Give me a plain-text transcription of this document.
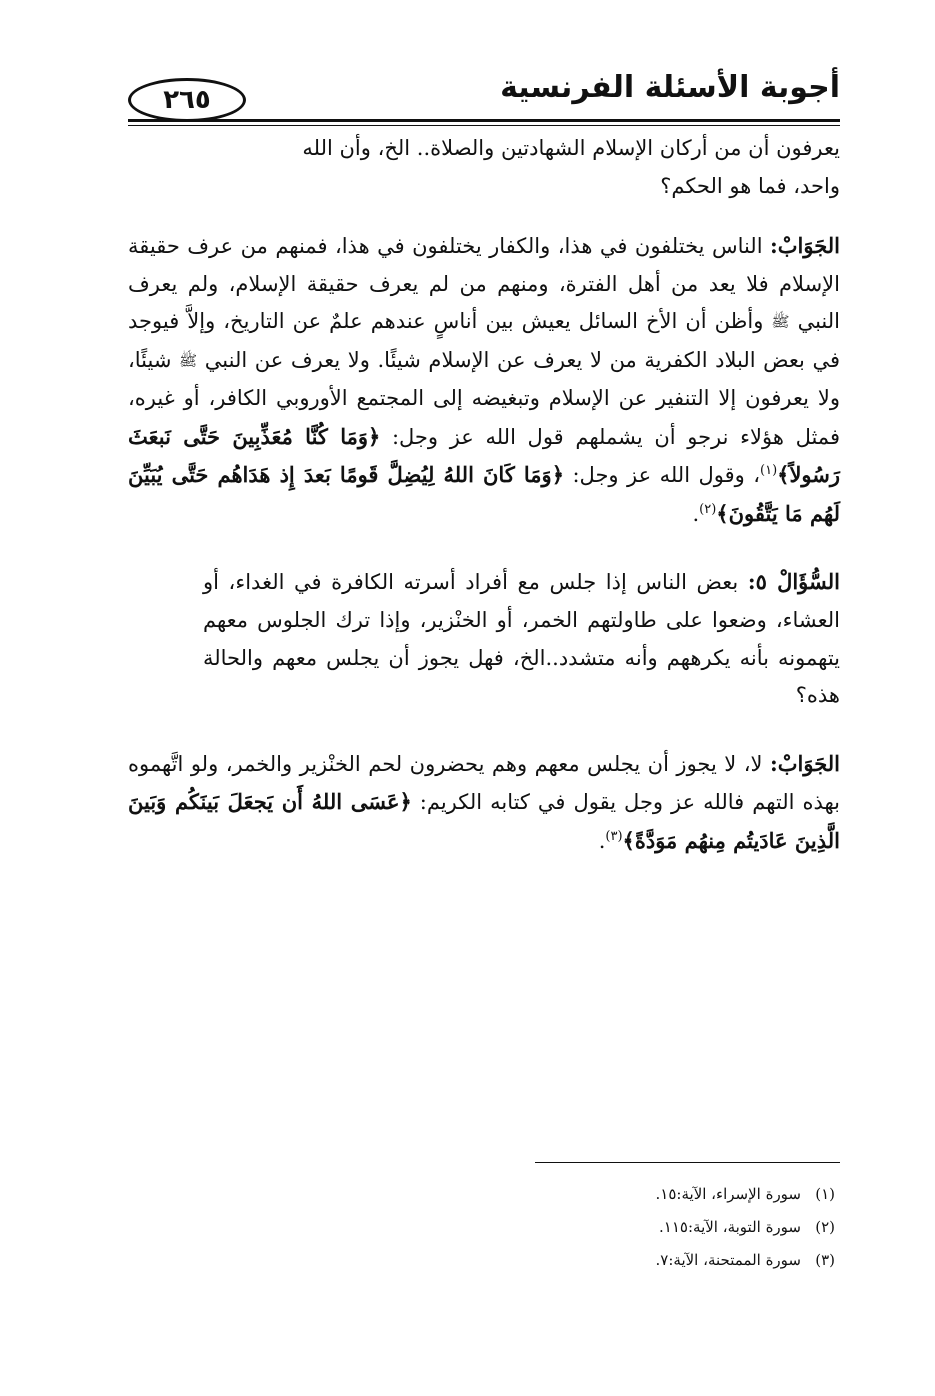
أجوبة الأسئلة الفرنسية
٢٦٥

يعرفون أن من أركان الإسلام الشهادتين والصلاة.. الخ، وأن الله

واحد، فما هو الحكم؟

الجَوَابْ: الناس يختلفون في هذا، والكفار يختلفون في هذا، فمنهم من عرف حقيقة الإسلام فلا يعد من أهل الفترة، ومنهم من لم يعرف حقيقة الإسلام، ولم يعرف النبي ﷺ وأظن أن الأخ السائل يعيش بين أناسٍ عندهم علمٌ عن التاريخ، وإلاَّ فيوجد في بعض البلاد الكفرية من لا يعرف عن الإسلام شيئًا. ولا يعرف عن النبي ﷺ شيئًا، ولا يعرفون إلا التنفير عن الإسلام وتبغيضه إلى المجتمع الأوروبي الكافر، أو غيره، فمثل هؤلاء نرجو أن يشملهم قول الله عز وجل: ﴿وَمَا كُنَّا مُعَذِّبِينَ حَتَّى نَبعَثَ رَسُولاً﴾$^{(١)}$، وقول الله عز وجل: ﴿وَمَا كَانَ اللهُ لِيُضِلَّ قَومًا بَعدَ إِذ هَدَاهُم حَتَّى يُبَيِّنَ لَهُم مَا يَتَّقُونَ﴾$^{(٢)}$.

السُّؤَالْ ٥: بعض الناس إذا جلس مع أفراد أسرته الكافرة في الغداء، أو العشاء، وضعوا على طاولتهم الخمر، أو الخنْزير، وإذا ترك الجلوس معهم يتهمونه بأنه يكرههم وأنه متشدد..الخ، فهل يجوز أن يجلس معهم والحالة هذه؟

الجَوَابْ: لا، لا يجوز أن يجلس معهم وهم يحضرون لحم الخنْزير والخمر، ولو اتَّهموه بهذه التهم فالله عز وجل يقول في كتابه الكريم: ﴿عَسَى اللهُ أَن يَجعَلَ بَينَكُم وَبَينَ الَّذِينَ عَادَيتُم مِنهُم مَوَدَّةً﴾$^{(٣)}$.

(١)سورة الإسراء، الآية:١٥.
(٢)سورة التوبة، الآية:١١٥.
(٣)سورة الممتحنة، الآية:٧.
